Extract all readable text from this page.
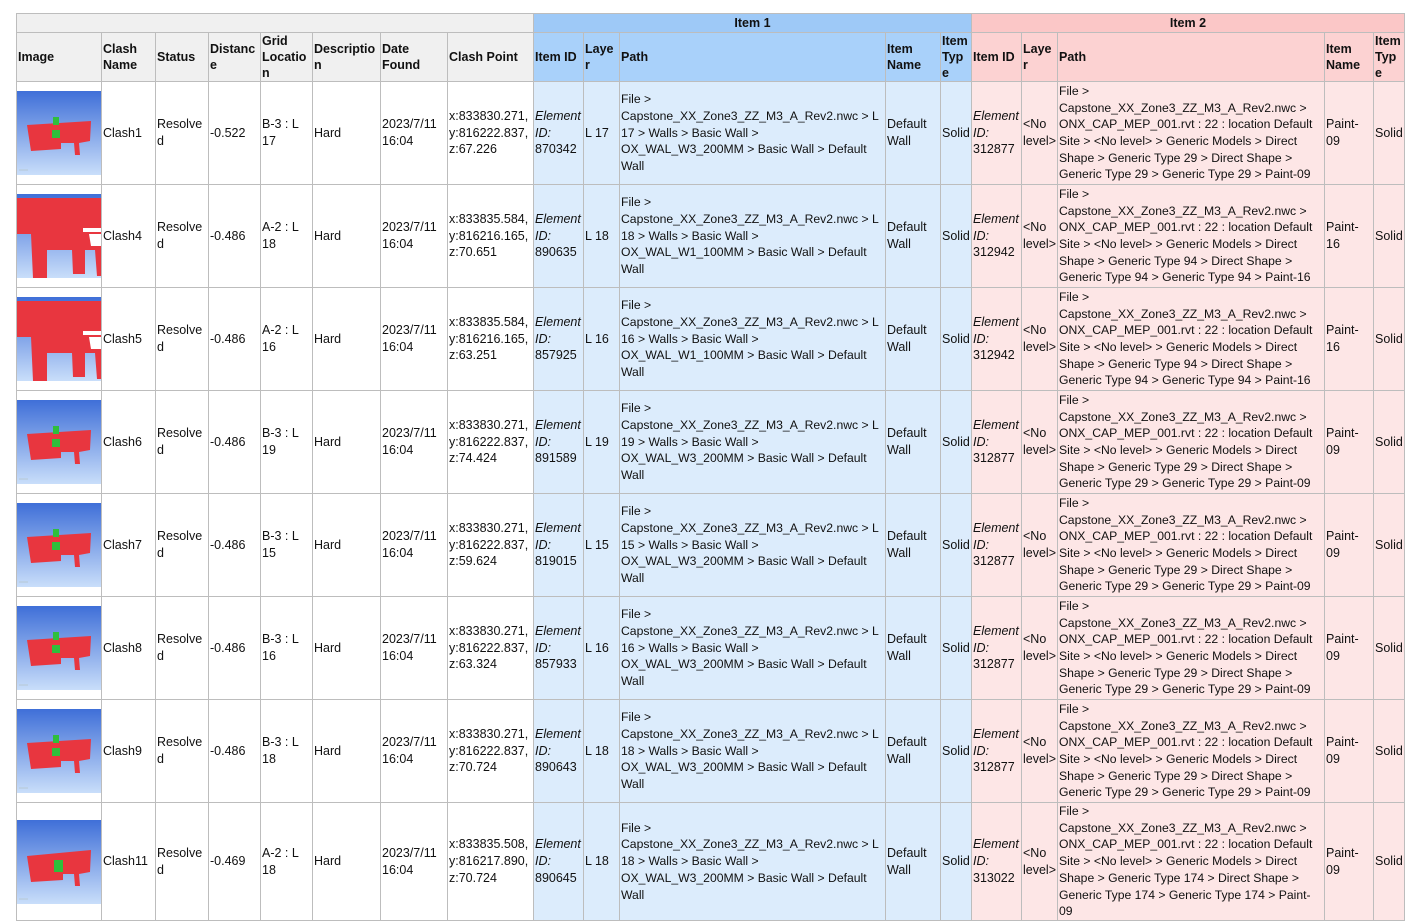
								Item 1					Item 2				
Image	Clash Name	Status	Distance	Grid Location	Description	Date Found	Clash Point	Item ID	Layer	Path	Item Name	Item Type	Item ID	Layer	Path	Item Name	Item Type

	Clash1	Resolved	-0.522	B-3 : L 17	Hard	2023/7/11 16:04	x:833830.271, y:816222.837, z:67.226	Element ID:
870342	L 17	File > Capstone_XX_Zone3_ZZ_M3_A_Rev2.nwc > L 17 > Walls > Basic Wall > OX_WAL_W3_200MM > Basic Wall > Default Wall	Default Wall	Solid	Element ID:
312877	<No level>	File > Capstone_XX_Zone3_ZZ_M3_A_Rev2.nwc > ONX_CAP_MEP_001.rvt : 22 : location Default Site > <No level> > Generic Models > Direct Shape > Generic Type 29 > Direct Shape > Generic Type 29 > Generic Type 29 > Paint-09	Paint-09	Solid

	Clash4	Resolved	-0.486	A-2 : L 18	Hard	2023/7/11 16:04	x:833835.584, y:816216.165, z:70.651	Element ID:
890635	L 18	File > Capstone_XX_Zone3_ZZ_M3_A_Rev2.nwc > L 18 > Walls > Basic Wall > OX_WAL_W1_100MM > Basic Wall > Default Wall	Default Wall	Solid	Element ID:
312942	<No level>	File > Capstone_XX_Zone3_ZZ_M3_A_Rev2.nwc > ONX_CAP_MEP_001.rvt : 22 : location Default Site > <No level> > Generic Models > Direct Shape > Generic Type 94 > Direct Shape > Generic Type 94 > Generic Type 94 > Paint-16	Paint-16	Solid

	Clash5	Resolved	-0.486	A-2 : L 16	Hard	2023/7/11 16:04	x:833835.584, y:816216.165, z:63.251	Element ID:
857925	L 16	File > Capstone_XX_Zone3_ZZ_M3_A_Rev2.nwc > L 16 > Walls > Basic Wall > OX_WAL_W1_100MM > Basic Wall > Default Wall	Default Wall	Solid	Element ID:
312942	<No level>	File > Capstone_XX_Zone3_ZZ_M3_A_Rev2.nwc > ONX_CAP_MEP_001.rvt : 22 : location Default Site > <No level> > Generic Models > Direct Shape > Generic Type 94 > Direct Shape > Generic Type 94 > Generic Type 94 > Paint-16	Paint-16	Solid

	Clash6	Resolved	-0.486	B-3 : L 19	Hard	2023/7/11 16:04	x:833830.271, y:816222.837, z:74.424	Element ID:
891589	L 19	File > Capstone_XX_Zone3_ZZ_M3_A_Rev2.nwc > L 19 > Walls > Basic Wall > OX_WAL_W3_200MM > Basic Wall > Default Wall	Default Wall	Solid	Element ID:
312877	<No level>	File > Capstone_XX_Zone3_ZZ_M3_A_Rev2.nwc > ONX_CAP_MEP_001.rvt : 22 : location Default Site > <No level> > Generic Models > Direct Shape > Generic Type 29 > Direct Shape > Generic Type 29 > Generic Type 29 > Paint-09	Paint-09	Solid

	Clash7	Resolved	-0.486	B-3 : L 15	Hard	2023/7/11 16:04	x:833830.271, y:816222.837, z:59.624	Element ID:
819015	L 15	File > Capstone_XX_Zone3_ZZ_M3_A_Rev2.nwc > L 15 > Walls > Basic Wall > OX_WAL_W3_200MM > Basic Wall > Default Wall	Default Wall	Solid	Element ID:
312877	<No level>	File > Capstone_XX_Zone3_ZZ_M3_A_Rev2.nwc > ONX_CAP_MEP_001.rvt : 22 : location Default Site > <No level> > Generic Models > Direct Shape > Generic Type 29 > Direct Shape > Generic Type 29 > Generic Type 29 > Paint-09	Paint-09	Solid

	Clash8	Resolved	-0.486	B-3 : L 16	Hard	2023/7/11 16:04	x:833830.271, y:816222.837, z:63.324	Element ID:
857933	L 16	File > Capstone_XX_Zone3_ZZ_M3_A_Rev2.nwc > L 16 > Walls > Basic Wall > OX_WAL_W3_200MM > Basic Wall > Default Wall	Default Wall	Solid	Element ID:
312877	<No level>	File > Capstone_XX_Zone3_ZZ_M3_A_Rev2.nwc > ONX_CAP_MEP_001.rvt : 22 : location Default Site > <No level> > Generic Models > Direct Shape > Generic Type 29 > Direct Shape > Generic Type 29 > Generic Type 29 > Paint-09	Paint-09	Solid

	Clash9	Resolved	-0.486	B-3 : L 18	Hard	2023/7/11 16:04	x:833830.271, y:816222.837, z:70.724	Element ID:
890643	L 18	File > Capstone_XX_Zone3_ZZ_M3_A_Rev2.nwc > L 18 > Walls > Basic Wall > OX_WAL_W3_200MM > Basic Wall > Default Wall	Default Wall	Solid	Element ID:
312877	<No level>	File > Capstone_XX_Zone3_ZZ_M3_A_Rev2.nwc > ONX_CAP_MEP_001.rvt : 22 : location Default Site > <No level> > Generic Models > Direct Shape > Generic Type 29 > Direct Shape > Generic Type 29 > Generic Type 29 > Paint-09	Paint-09	Solid

	Clash11	Resolved	-0.469	A-2 : L 18	Hard	2023/7/11 16:04	x:833835.508, y:816217.890, z:70.724	Element ID:
890645	L 18	File > Capstone_XX_Zone3_ZZ_M3_A_Rev2.nwc > L 18 > Walls > Basic Wall > OX_WAL_W3_200MM > Basic Wall > Default Wall	Default Wall	Solid	Element ID:
313022	<No level>	File > Capstone_XX_Zone3_ZZ_M3_A_Rev2.nwc > ONX_CAP_MEP_001.rvt : 22 : location Default Site > <No level> > Generic Models > Direct Shape > Generic Type 174 > Direct Shape > Generic Type 174 > Generic Type 174 > Paint-09	Paint-09	Solid
